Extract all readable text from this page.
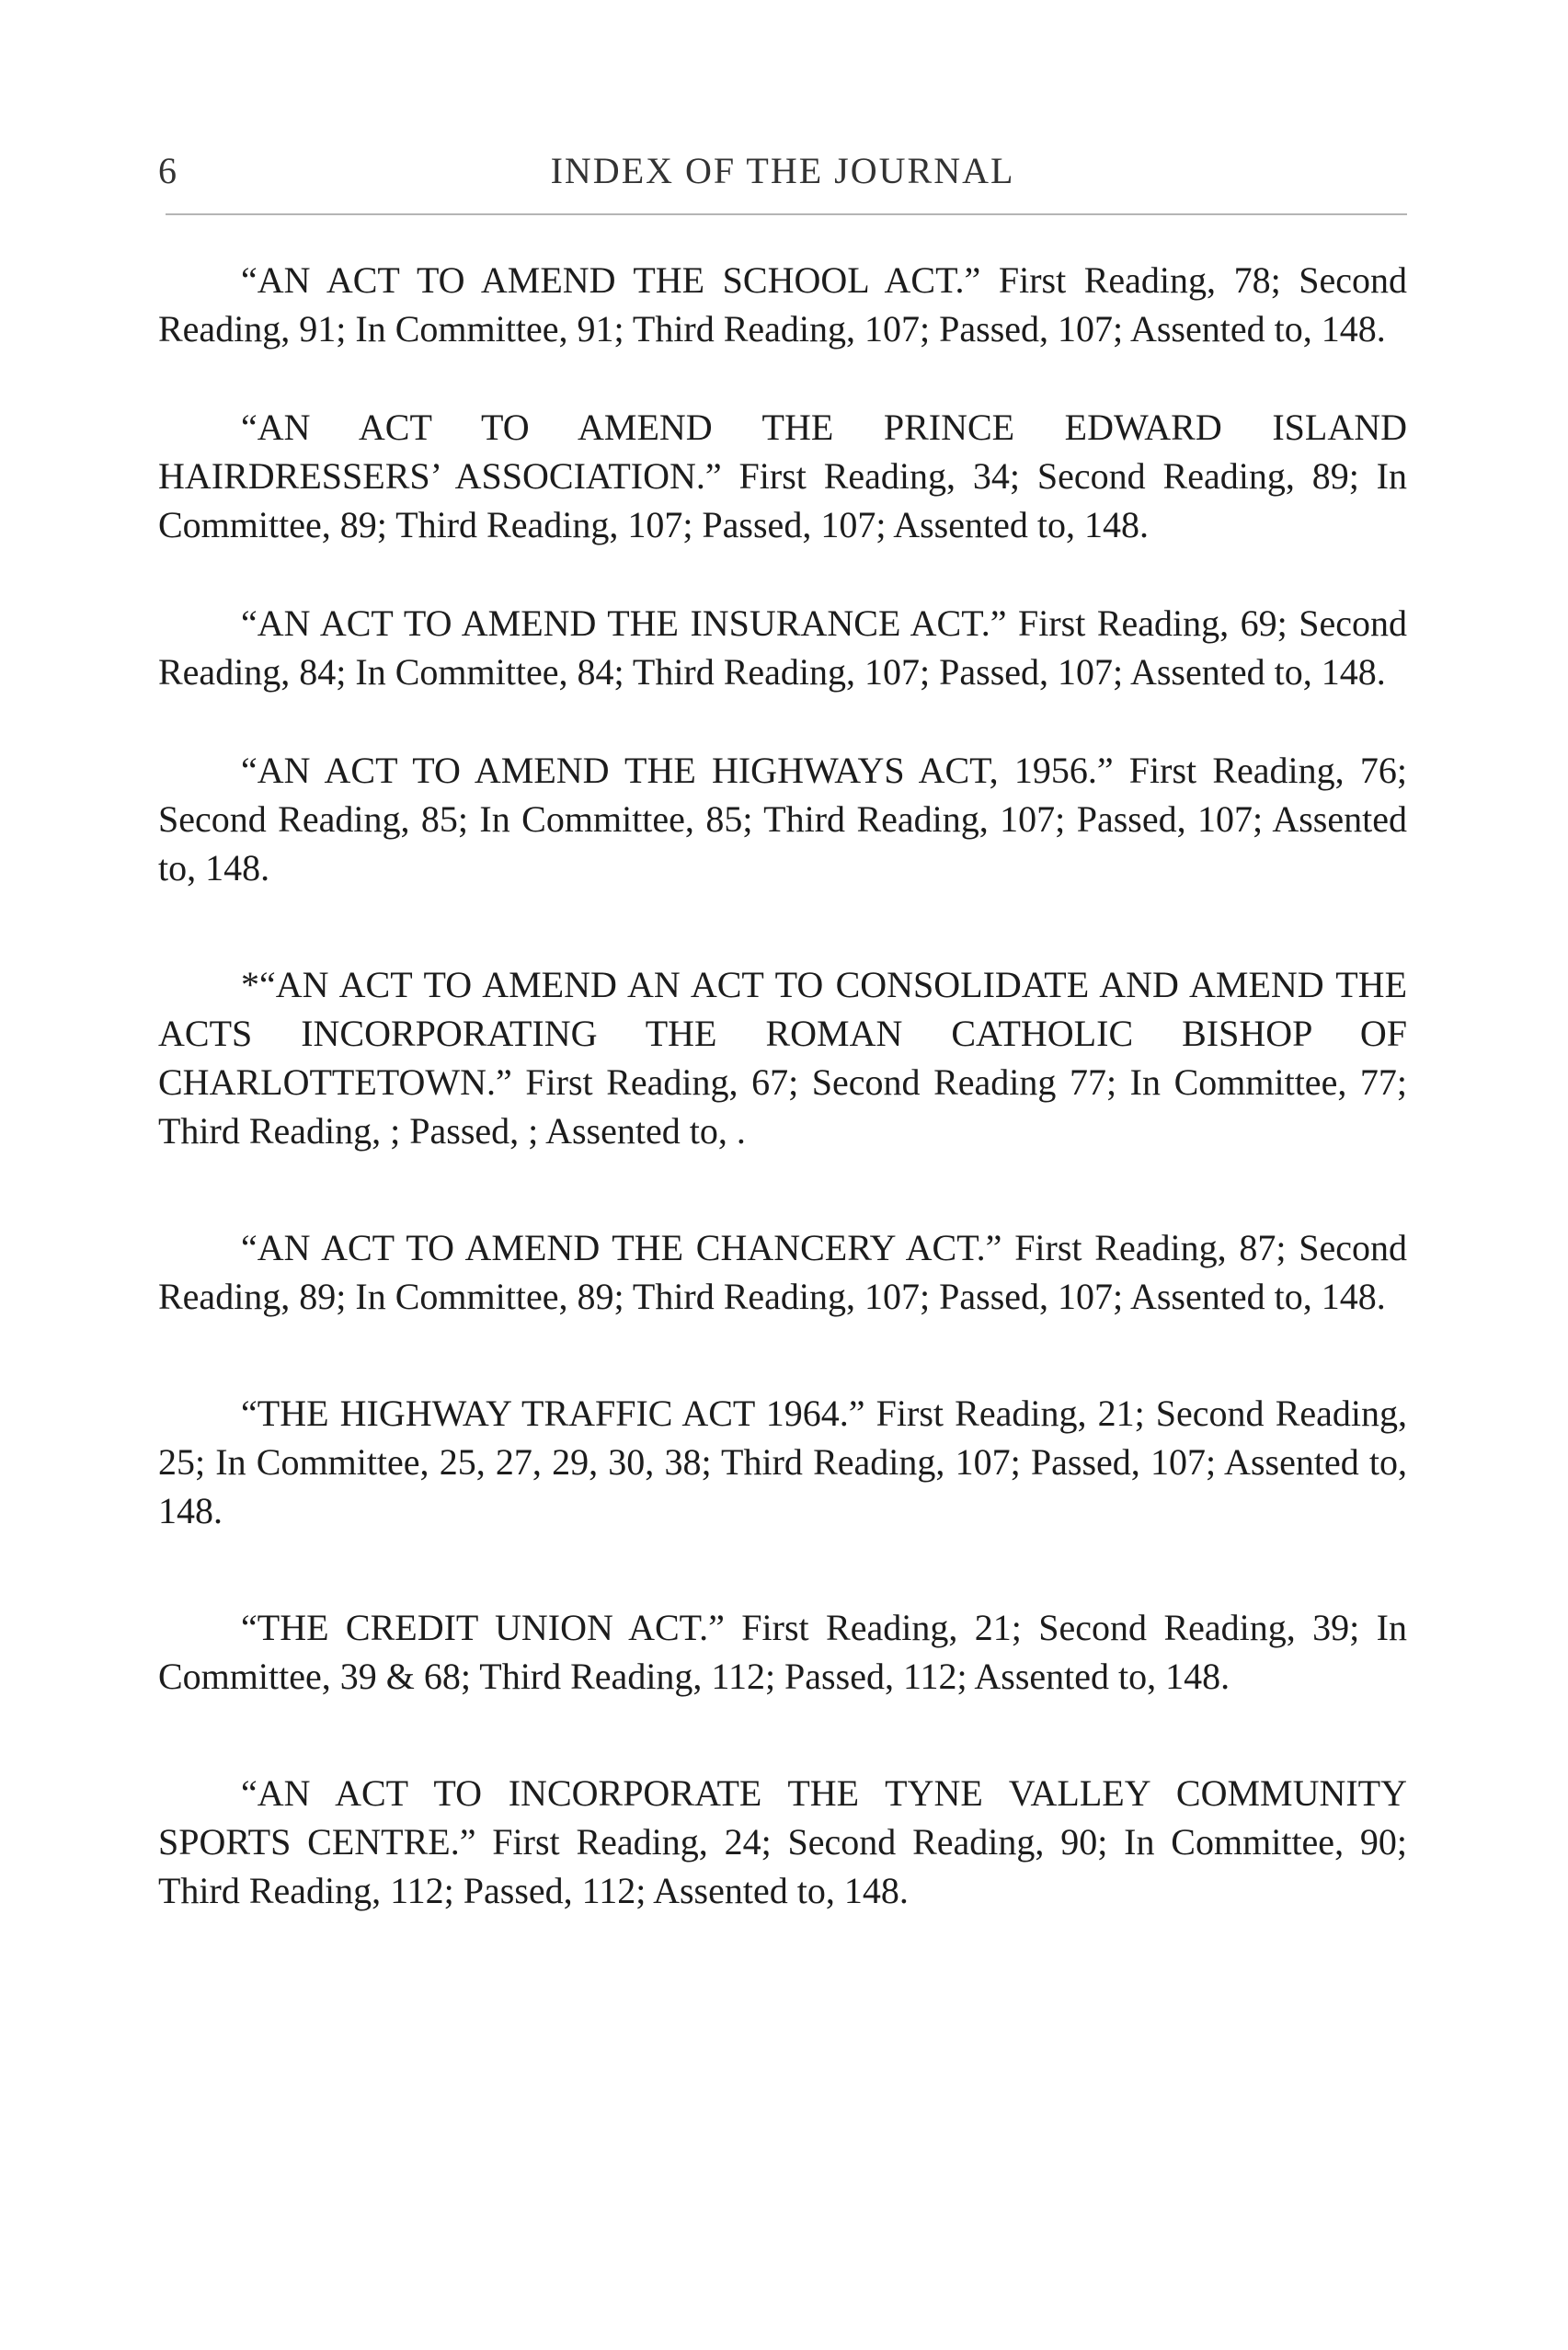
6	INDEX OF THE JOURNAL

“AN ACT TO AMEND THE SCHOOL ACT.” First Reading, 78; Second Reading, 91; In Committee, 91; Third Reading, 107; Passed, 107; Assented to, 148.

“AN ACT TO AMEND THE PRINCE EDWARD ISLAND HAIRDRESSERS’ ASSOCIATION.” First Reading, 34; Second Reading, 89; In Committee, 89; Third Reading, 107; Passed, 107; Assented to, 148.

“AN ACT TO AMEND THE INSURANCE ACT.” First Reading, 69; Second Reading, 84; In Committee, 84; Third Reading, 107; Passed, 107; Assented to, 148.

“AN ACT TO AMEND THE HIGHWAYS ACT, 1956.” First Reading, 76; Second Reading, 85; In Committee, 85; Third Reading, 107; Passed, 107; Assented to, 148.

*“AN ACT TO AMEND AN ACT TO CONSOLIDATE AND AMEND THE ACTS INCORPORATING THE ROMAN CATHOLIC BISHOP OF CHARLOTTETOWN.” First Reading, 67; Second Reading 77; In Committee, 77; Third Reading, ; Passed, ; Assented to, .

“AN ACT TO AMEND THE CHANCERY ACT.” First Reading, 87; Second Reading, 89; In Committee, 89; Third Reading, 107; Passed, 107; Assented to, 148.

“THE HIGHWAY TRAFFIC ACT 1964.” First Reading, 21; Second Reading, 25; In Committee, 25, 27, 29, 30, 38; Third Reading, 107; Passed, 107; Assented to, 148.

“THE CREDIT UNION ACT.” First Reading, 21; Second Reading, 39; In Committee, 39 & 68; Third Reading, 112; Passed, 112; Assented to, 148.

“AN ACT TO INCORPORATE THE TYNE VALLEY COMMUNITY SPORTS CENTRE.” First Reading, 24; Second Reading, 90; In Committee, 90; Third Reading, 112; Passed, 112; Assented to, 148.
